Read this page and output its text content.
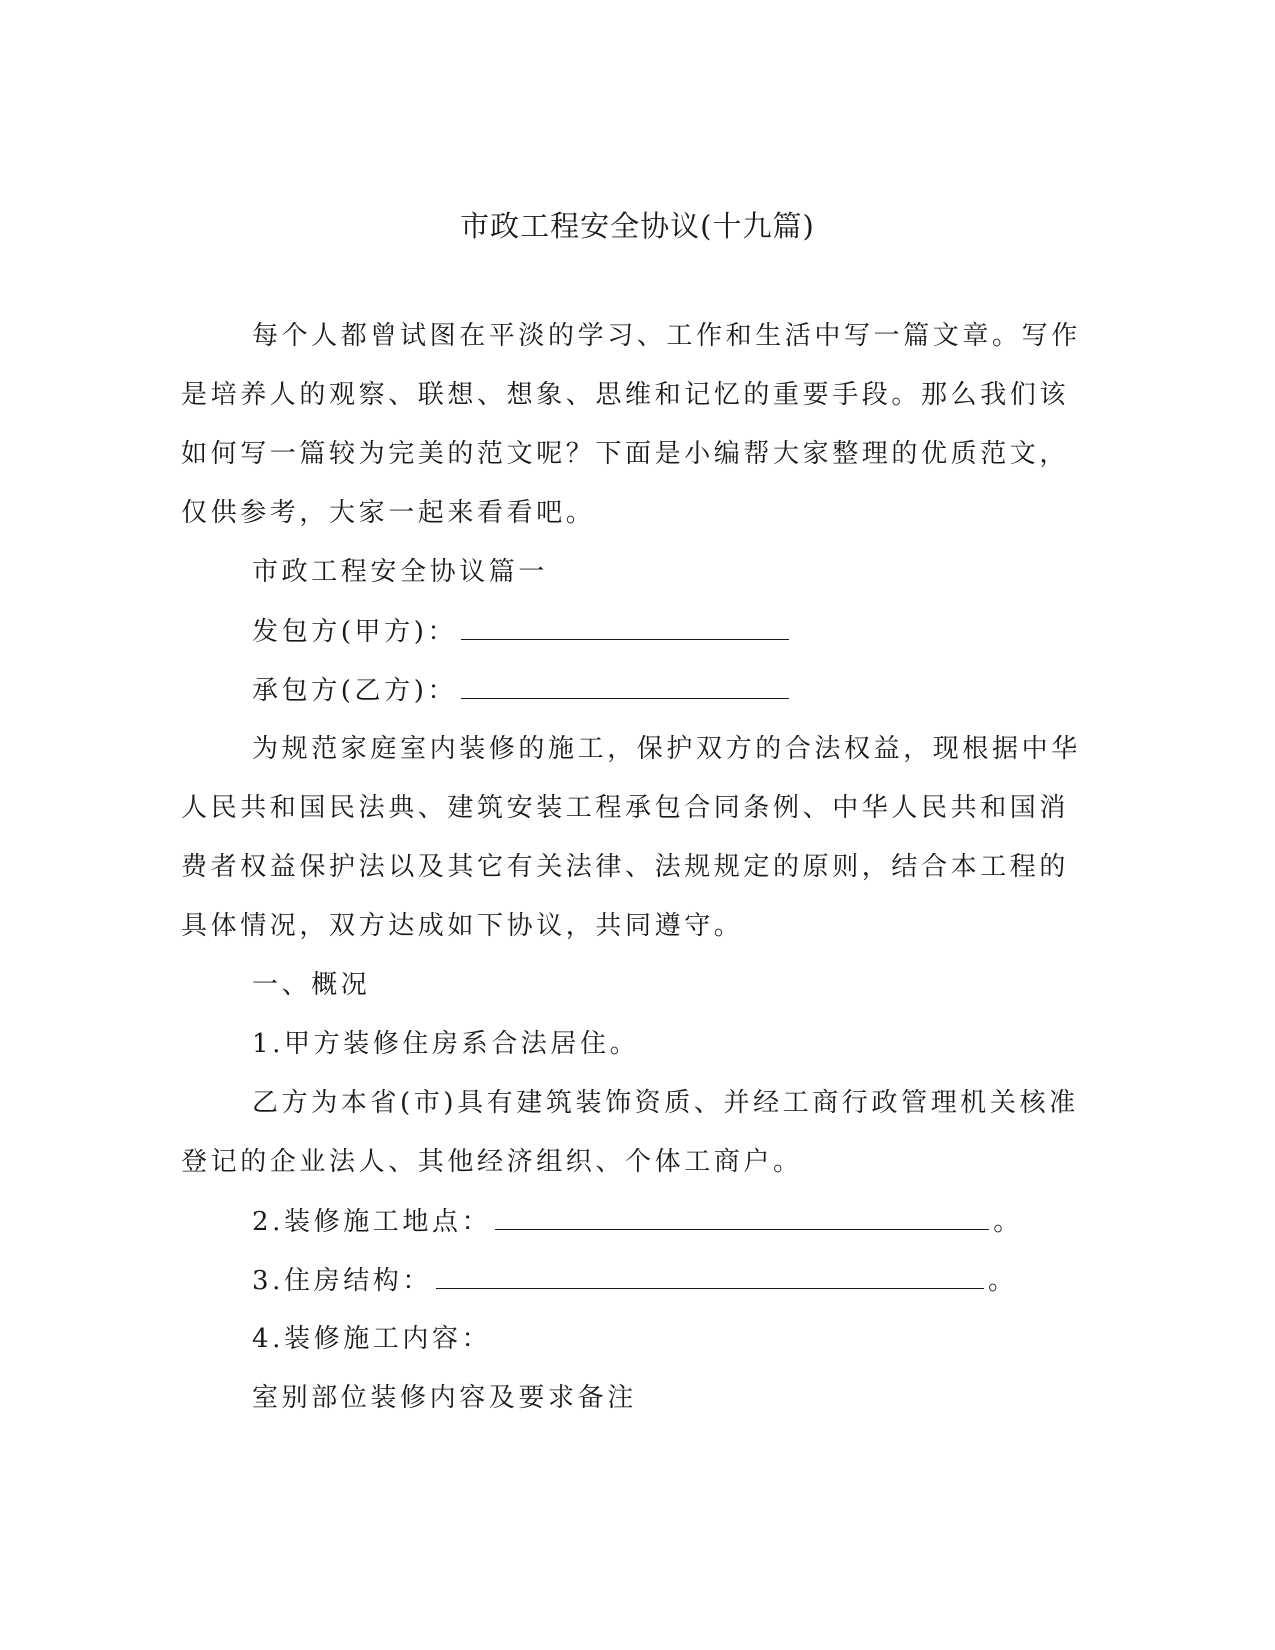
市政工程安全协议(十九篇)
每个人都曾试图在平淡的学习、工作和生活中写一篇文章。写作
是培养人的观察、联想、想象、思维和记忆的重要手段。那么我们该
如何写一篇较为完美的范文呢？下面是小编帮大家整理的优质范文，
仅供参考，大家一起来看看吧。
市政工程安全协议篇一
发包方(甲方)：
承包方(乙方)：
为规范家庭室内装修的施工，保护双方的合法权益，现根据中华
人民共和国民法典、建筑安装工程承包合同条例、中华人民共和国消
费者权益保护法以及其它有关法律、法规规定的原则，结合本工程的
具体情况，双方达成如下协议，共同遵守。
一、概况
1.甲方装修住房系合法居住。
乙方为本省(市)具有建筑装饰资质、并经工商行政管理机关核准
登记的企业法人、其他经济组织、个体工商户。
2.装修施工地点：	。
3.住房结构：	。
4.装修施工内容：
室别部位装修内容及要求备注
